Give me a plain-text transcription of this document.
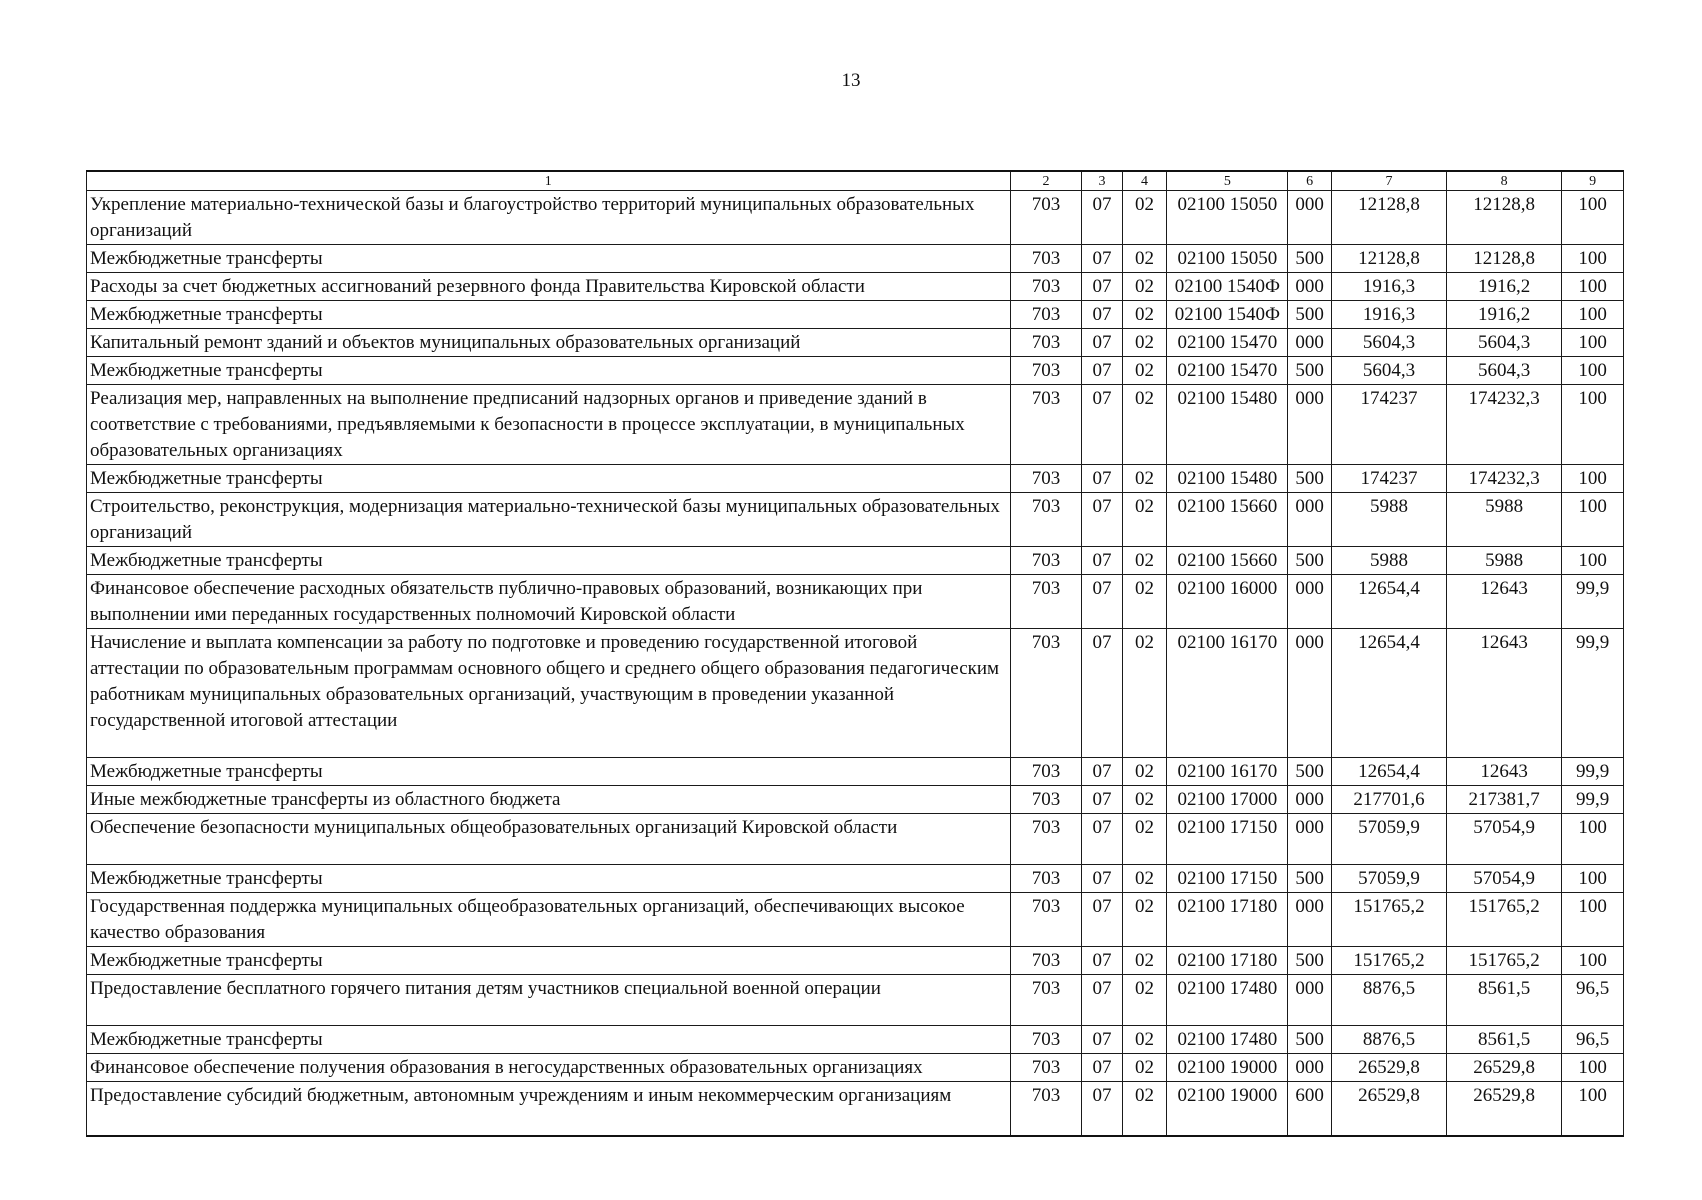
13
1	2	3	4	5	6	7	8	9
Укрепление материально-технической базы и благоустройство территорий муниципальных образовательных организаций	703	07	02	02100 15050	000	12128,8	12128,8	100
Межбюджетные трансферты	703	07	02	02100 15050	500	12128,8	12128,8	100
Расходы за счет бюджетных ассигнований резервного фонда Правительства Кировской области	703	07	02	02100 1540Ф	000	1916,3	1916,2	100
Межбюджетные трансферты	703	07	02	02100 1540Ф	500	1916,3	1916,2	100
Капитальный ремонт зданий и объектов муниципальных образовательных организаций	703	07	02	02100 15470	000	5604,3	5604,3	100
Межбюджетные трансферты	703	07	02	02100 15470	500	5604,3	5604,3	100
Реализация мер, направленных на выполнение предписаний надзорных органов и приведение зданий в соответствие с требованиями, предъявляемыми к безопасности в процессе эксплуатации, в муниципальных образовательных организациях	703	07	02	02100 15480	000	174237	174232,3	100
Межбюджетные трансферты	703	07	02	02100 15480	500	174237	174232,3	100
Строительство, реконструкция, модернизация материально-технической базы муниципальных образовательных организаций	703	07	02	02100 15660	000	5988	5988	100
Межбюджетные трансферты	703	07	02	02100 15660	500	5988	5988	100
Финансовое обеспечение расходных обязательств публично-правовых образований, возникающих при выполнении ими переданных государственных полномочий Кировской области	703	07	02	02100 16000	000	12654,4	12643	99,9
Начисление и выплата компенсации за работу по подготовке и проведению государственной итоговой аттестации по образовательным программам основного общего и среднего общего образования педагогическим работникам муниципальных образовательных организаций, участвующим в проведении указанной государственной итоговой аттестации	703	07	02	02100 16170	000	12654,4	12643	99,9
Межбюджетные трансферты	703	07	02	02100 16170	500	12654,4	12643	99,9
Иные межбюджетные трансферты из областного бюджета	703	07	02	02100 17000	000	217701,6	217381,7	99,9
Обеспечение безопасности муниципальных общеобразовательных организаций Кировской области	703	07	02	02100 17150	000	57059,9	57054,9	100
Межбюджетные трансферты	703	07	02	02100 17150	500	57059,9	57054,9	100
Государственная поддержка муниципальных общеобразовательных организаций, обеспечивающих высокое качество образования	703	07	02	02100 17180	000	151765,2	151765,2	100
Межбюджетные трансферты	703	07	02	02100 17180	500	151765,2	151765,2	100
Предоставление бесплатного горячего питания детям участников специальной военной операции	703	07	02	02100 17480	000	8876,5	8561,5	96,5
Межбюджетные трансферты	703	07	02	02100 17480	500	8876,5	8561,5	96,5
Финансовое обеспечение получения образования в негосударственных образовательных организациях	703	07	02	02100 19000	000	26529,8	26529,8	100
Предоставление субсидий бюджетным, автономным учреждениям и иным некоммерческим организациям	703	07	02	02100 19000	600	26529,8	26529,8	100
